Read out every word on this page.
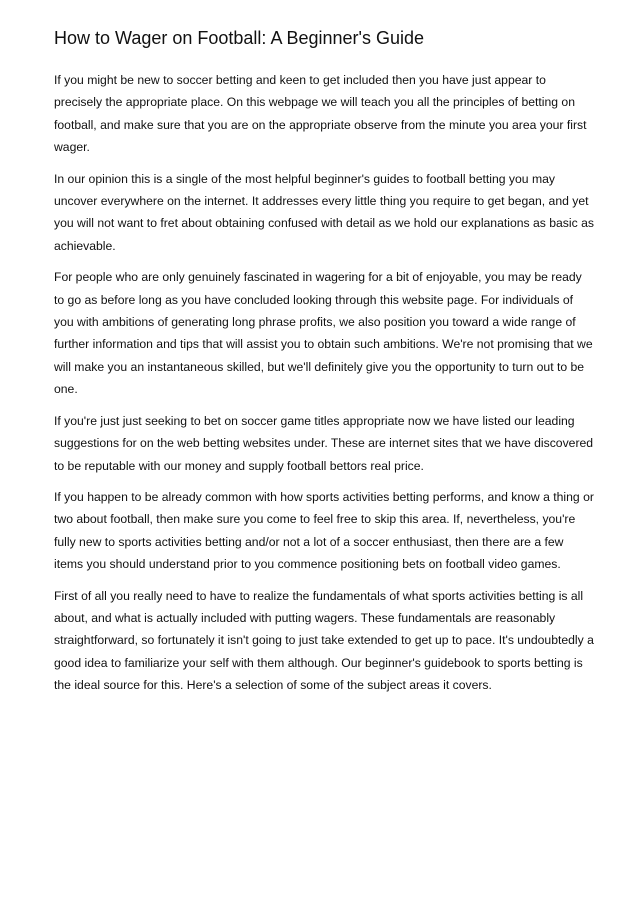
How to Wager on Football: A Beginner's Guide

If you might be new to soccer betting and keen to get included then you have just appear to precisely the appropriate place. On this webpage we will teach you all the principles of betting on football, and make sure that you are on the appropriate observe from the minute you area your first wager.

In our opinion this is a single of the most helpful beginner's guides to football betting you may uncover everywhere on the internet. It addresses every little thing you require to get began, and yet you will not want to fret about obtaining confused with detail as we hold our explanations as basic as achievable.

For people who are only genuinely fascinated in wagering for a bit of enjoyable, you may be ready to go as before long as you have concluded looking through this website page. For individuals of you with ambitions of generating long phrase profits, we also position you toward a wide range of further information and tips that will assist you to obtain such ambitions. We're not promising that we will make you an instantaneous skilled, but we'll definitely give you the opportunity to turn out to be one.

If you're just just seeking to bet on soccer game titles appropriate now we have listed our leading suggestions for on the web betting websites under. These are internet sites that we have discovered to be reputable with our money and supply football bettors real price.

If you happen to be already common with how sports activities betting performs, and know a thing or two about football, then make sure you come to feel free to skip this area. If, nevertheless, you're fully new to sports activities betting and/or not a lot of a soccer enthusiast, then there are a few items you should understand prior to you commence positioning bets on football video games.

First of all you really need to have to realize the fundamentals of what sports activities betting is all about, and what is actually included with putting wagers. These fundamentals are reasonably straightforward, so fortunately it isn't going to just take extended to get up to pace. It's undoubtedly a good idea to familiarize your self with them although. Our beginner's guidebook to sports betting is the ideal source for this. Here's a selection of some of the subject areas it covers.
